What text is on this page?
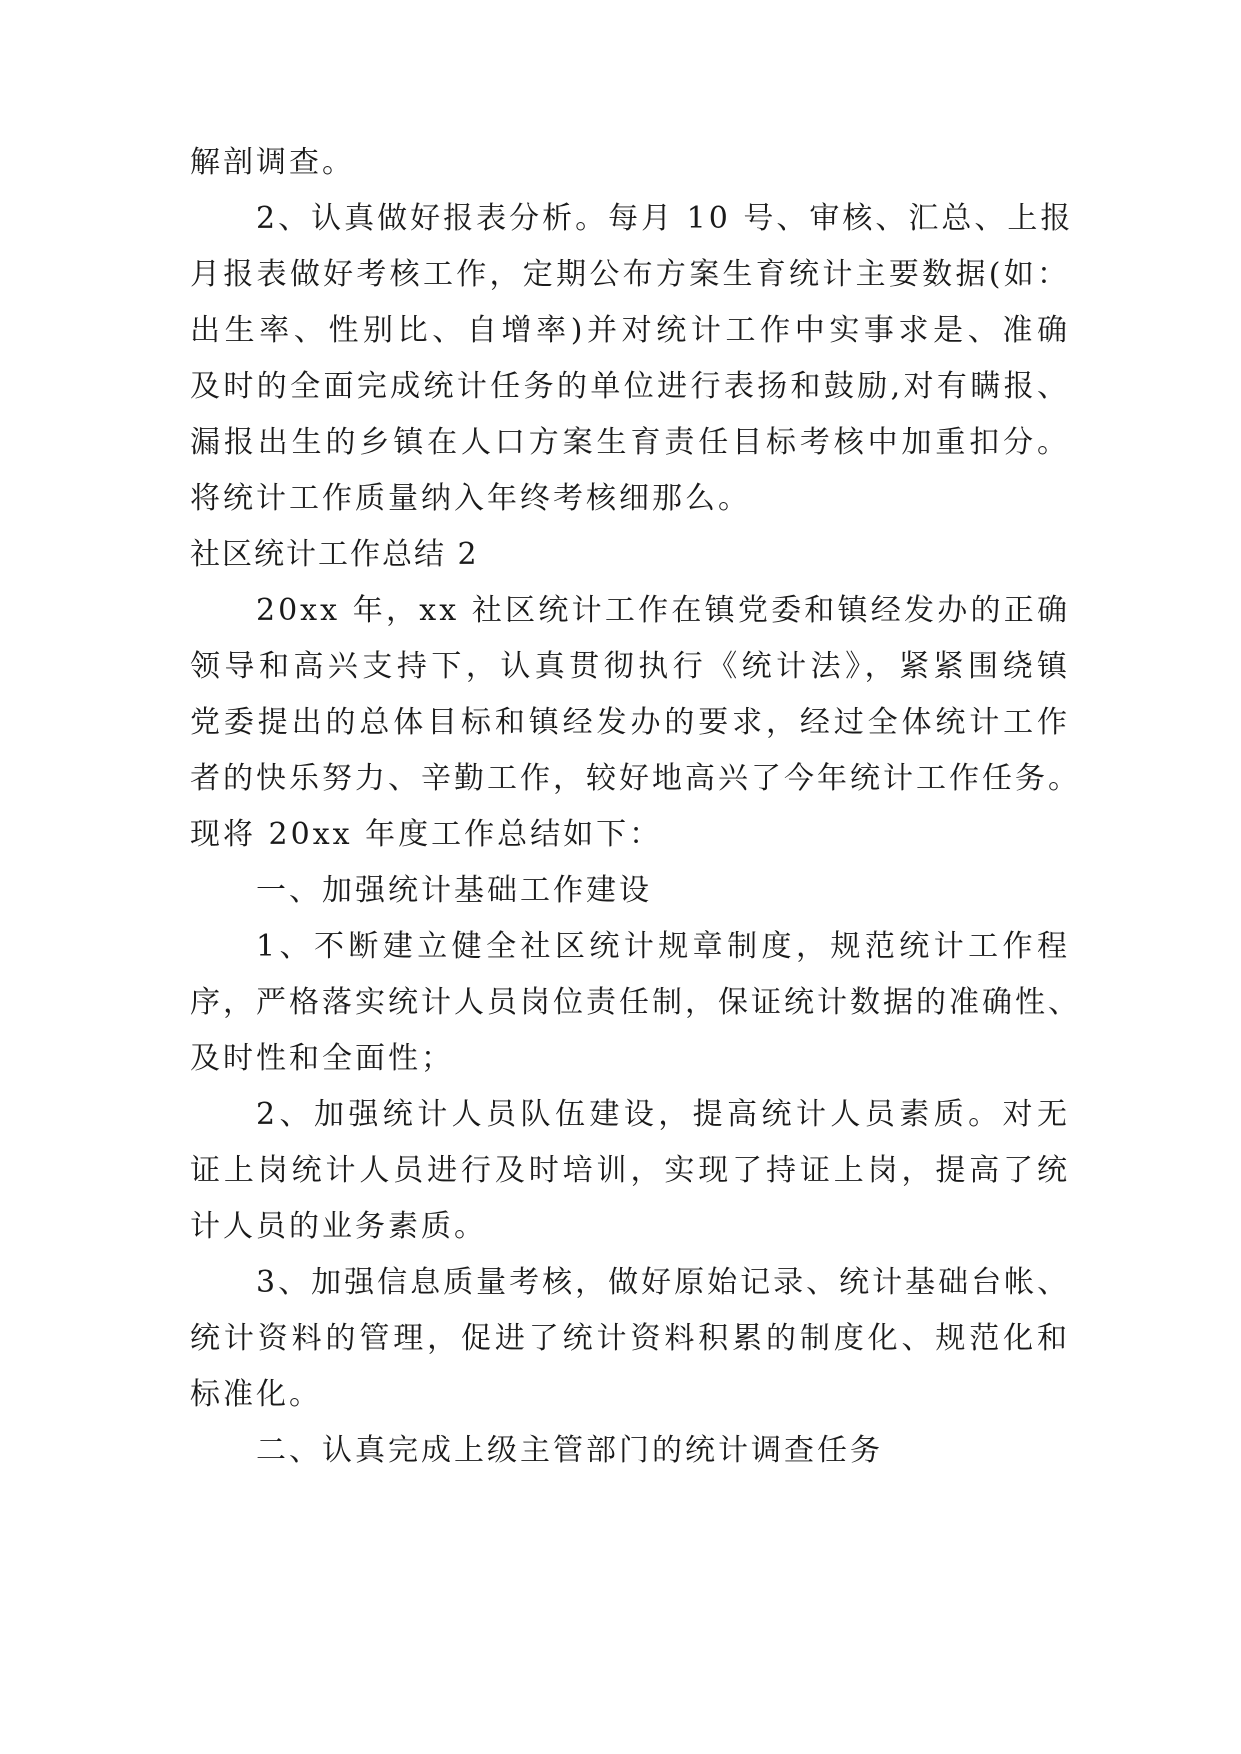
解剖调查。
2、认真做好报表分析。每月 10 号、审核、汇总、上报
月报表做好考核工作，定期公布方案生育统计主要数据(如：
出生率、性别比、自增率)并对统计工作中实事求是、准确
及时的全面完成统计任务的单位进行表扬和鼓励,对有瞒报、
漏报出生的乡镇在人口方案生育责任目标考核中加重扣分。
将统计工作质量纳入年终考核细那么。
社区统计工作总结 2
20xx 年，xx 社区统计工作在镇党委和镇经发办的正确
领导和高兴支持下，认真贯彻执行《统计法》，紧紧围绕镇
党委提出的总体目标和镇经发办的要求，经过全体统计工作
者的快乐努力、辛勤工作，较好地高兴了今年统计工作任务。
现将 20xx 年度工作总结如下：
一、加强统计基础工作建设
1、不断建立健全社区统计规章制度，规范统计工作程
序，严格落实统计人员岗位责任制，保证统计数据的准确性、
及时性和全面性；
2、加强统计人员队伍建设，提高统计人员素质。对无
证上岗统计人员进行及时培训，实现了持证上岗，提高了统
计人员的业务素质。
3、加强信息质量考核，做好原始记录、统计基础台帐、
统计资料的管理，促进了统计资料积累的制度化、规范化和
标准化。
二、认真完成上级主管部门的统计调查任务
